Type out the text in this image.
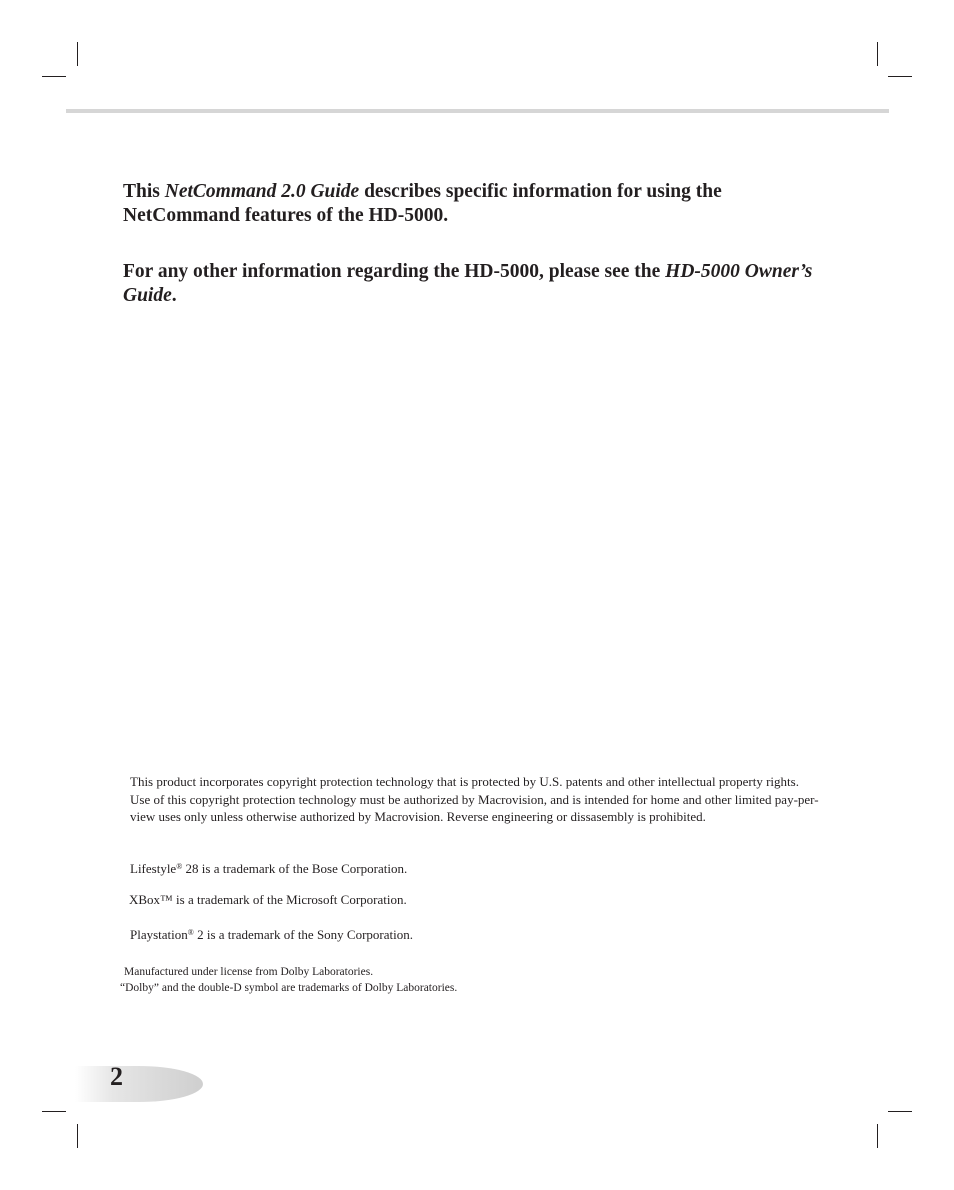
This NetCommand 2.0 Guide describes specific information for using the NetCommand features of the HD-5000.

For any other information regarding the HD-5000, please see the HD-5000 Owner’s Guide.

This product incorporates copyright protection technology that is protected by U.S. patents and other intellectual property rights. Use of this copyright protection technology must be authorized by Macrovision, and is intended for home and other limited pay-per-view uses only unless otherwise authorized by Macrovision. Reverse engineering or dissasembly is prohibited.

Lifestyle® 28 is a trademark of the Bose Corporation.

XBox™ is a trademark of the Microsoft Corporation.

Playstation® 2 is a trademark of the Sony Corporation.

Manufactured under license from Dolby Laboratories.

“Dolby” and the double-D symbol are trademarks of Dolby Laboratories.

2
